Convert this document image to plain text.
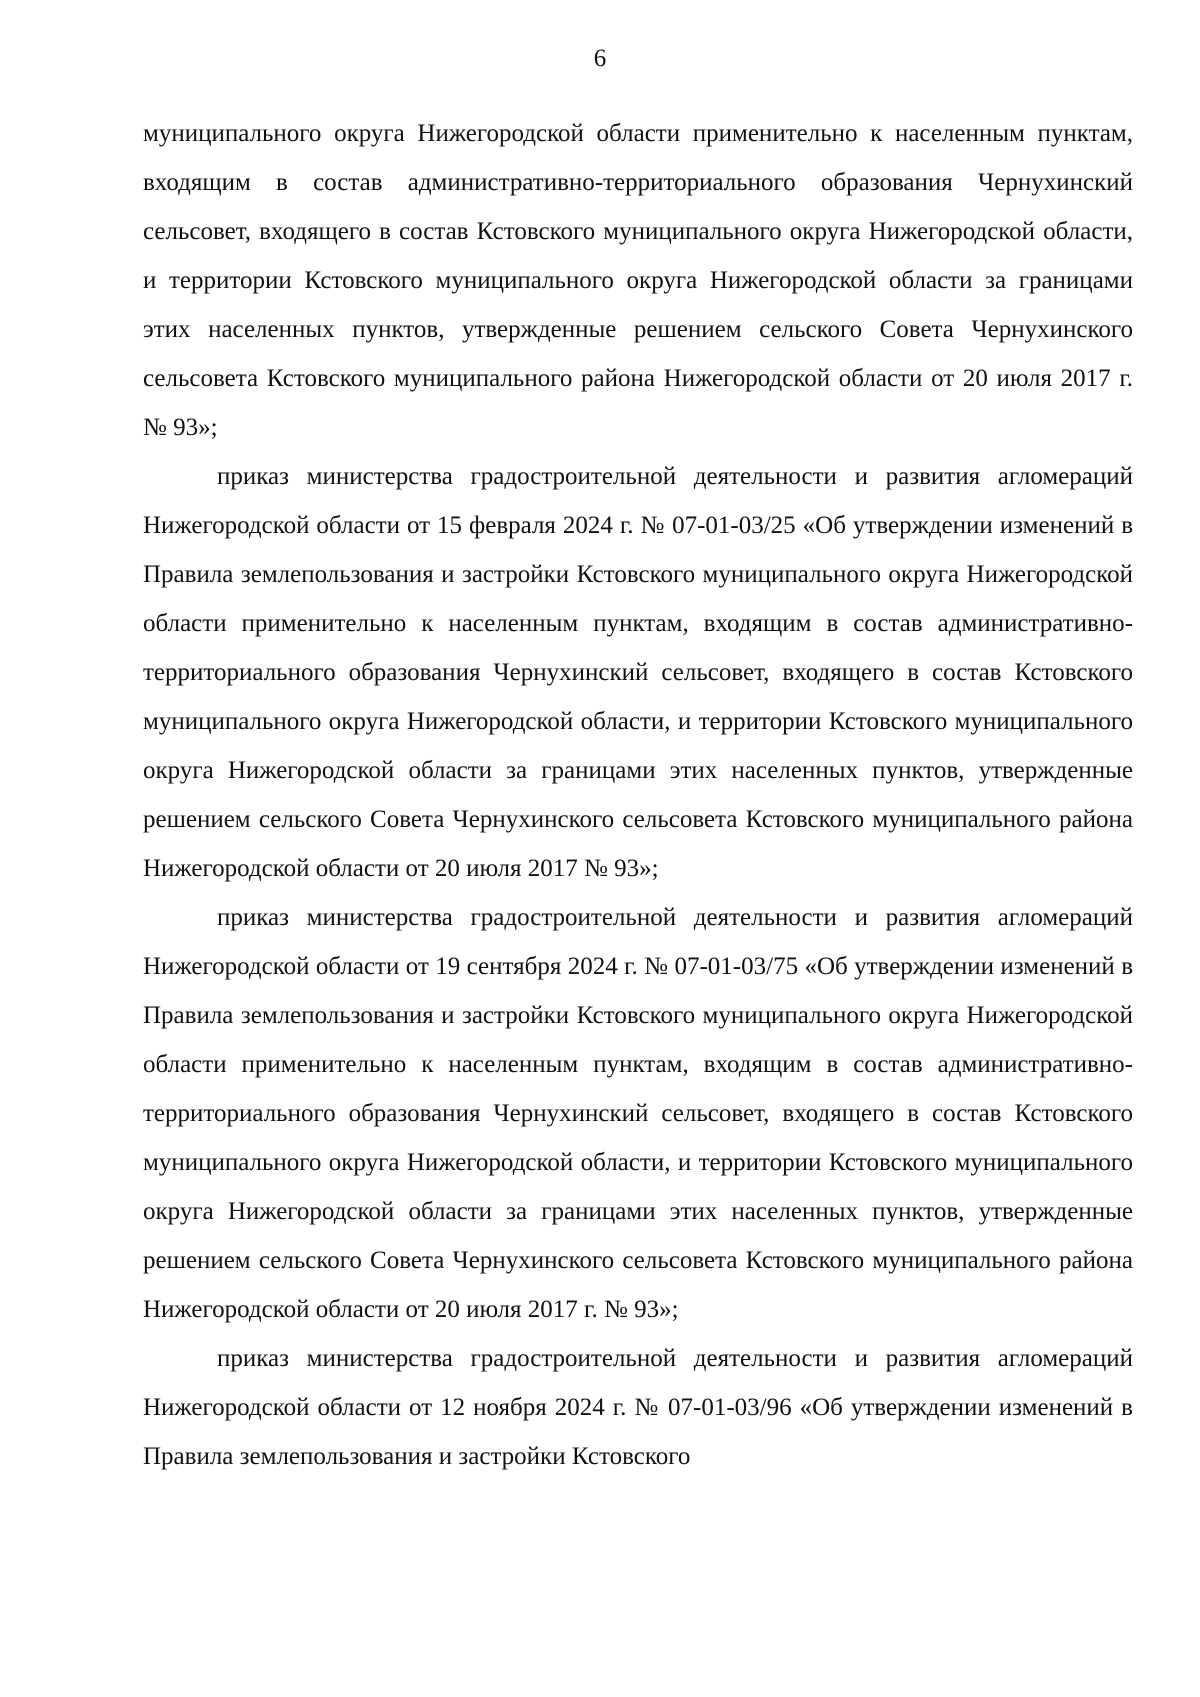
6

муниципального округа Нижегородской области применительно к населенным пунктам, входящим в состав административно-территориального образования Чернухинский сельсовет, входящего в состав Кстовского муниципального округа Нижегородской области, и территории Кстовского муниципального округа Нижегородской области за границами этих населенных пунктов, утвержденные решением сельского Совета Чернухинского сельсовета Кстовского муниципального района Нижегородской области от 20 июля 2017 г. № 93»;

приказ министерства градостроительной деятельности и развития агломераций Нижегородской области от 15 февраля 2024 г. № 07-01-03/25 «Об утверждении изменений в Правила землепользования и застройки Кстовского муниципального округа Нижегородской области применительно к населенным пунктам, входящим в состав административно-территориального образования Чернухинский сельсовет, входящего в состав Кстовского муниципального округа Нижегородской области, и территории Кстовского муниципального округа Нижегородской области за границами этих населенных пунктов, утвержденные решением сельского Совета Чернухинского сельсовета Кстовского муниципального района Нижегородской области от 20 июля 2017 № 93»;

приказ министерства градостроительной деятельности и развития агломераций Нижегородской области от 19 сентября 2024 г. № 07-01-03/75 «Об утверждении изменений в Правила землепользования и застройки Кстовского муниципального округа Нижегородской области применительно к населенным пунктам, входящим в состав административно-территориального образования Чернухинский сельсовет, входящего в состав Кстовского муниципального округа Нижегородской области, и территории Кстовского муниципального округа Нижегородской области за границами этих населенных пунктов, утвержденные решением сельского Совета Чернухинского сельсовета Кстовского муниципального района Нижегородской области от 20 июля 2017 г. № 93»;

приказ министерства градостроительной деятельности и развития агломераций Нижегородской области от 12 ноября 2024 г. № 07-01-03/96 «Об утверждении изменений в Правила землепользования и застройки Кстовского
